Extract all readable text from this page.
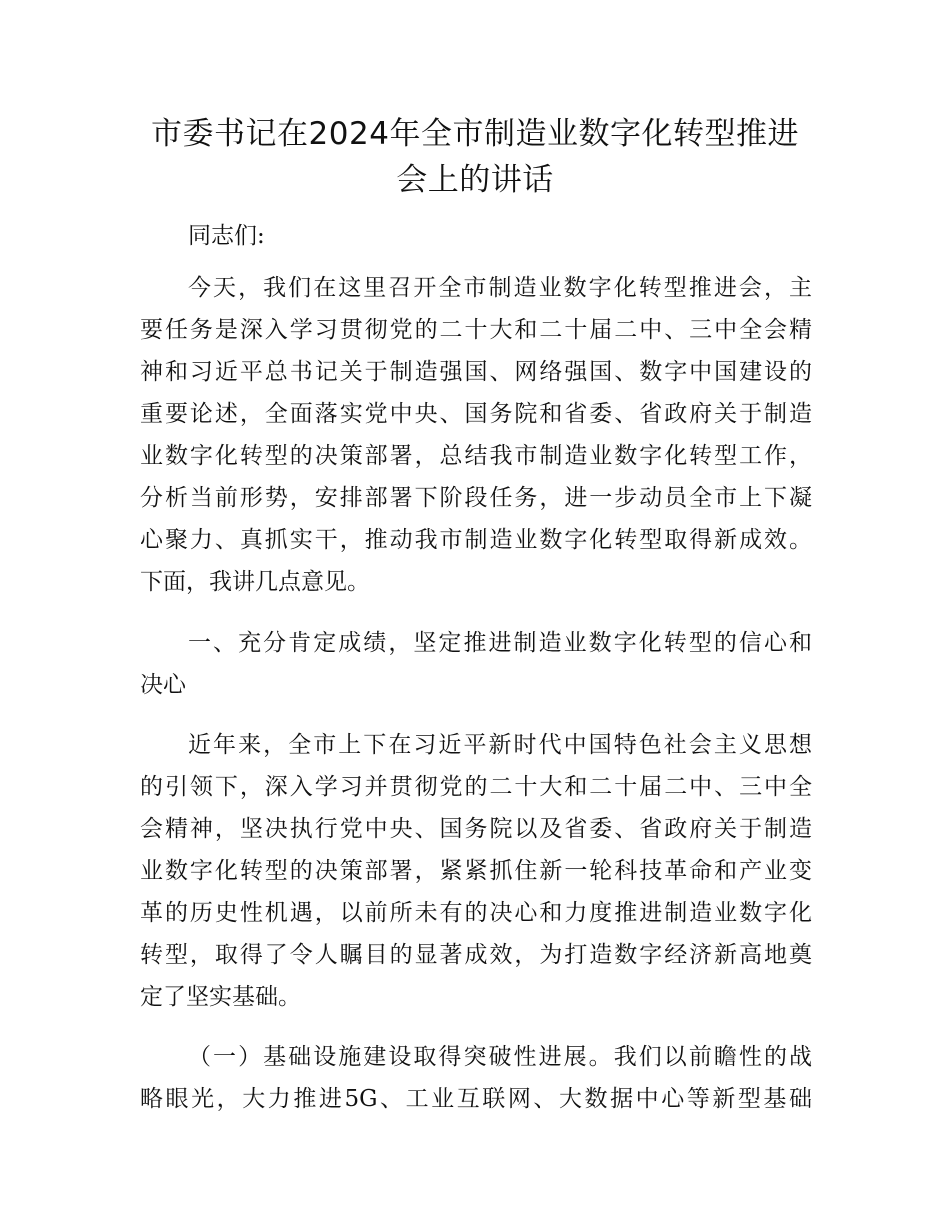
市委书记在2024年全市制造业数字化转型推进
会上的讲话

同志们:

今天，我们在这里召开全市制造业数字化转型推进会，主
要任务是深入学习贯彻党的二十大和二十届二中、三中全会精
神和习近平总书记关于制造强国、网络强国、数字中国建设的
重要论述，全面落实党中央、国务院和省委、省政府关于制造
业数字化转型的决策部署，总结我市制造业数字化转型工作，
分析当前形势，安排部署下阶段任务，进一步动员全市上下凝
心聚力、真抓实干，推动我市制造业数字化转型取得新成效。
下面，我讲几点意见。
一、充分肯定成绩，坚定推进制造业数字化转型的信心和
决心
近年来，全市上下在习近平新时代中国特色社会主义思想
的引领下，深入学习并贯彻党的二十大和二十届二中、三中全
会精神，坚决执行党中央、国务院以及省委、省政府关于制造
业数字化转型的决策部署，紧紧抓住新一轮科技革命和产业变
革的历史性机遇，以前所未有的决心和力度推进制造业数字化
转型，取得了令人瞩目的显著成效，为打造数字经济新高地奠
定了坚实基础。
（一）基础设施建设取得突破性进展。我们以前瞻性的战
略眼光，大力推进5G、工业互联网、大数据中心等新型基础
